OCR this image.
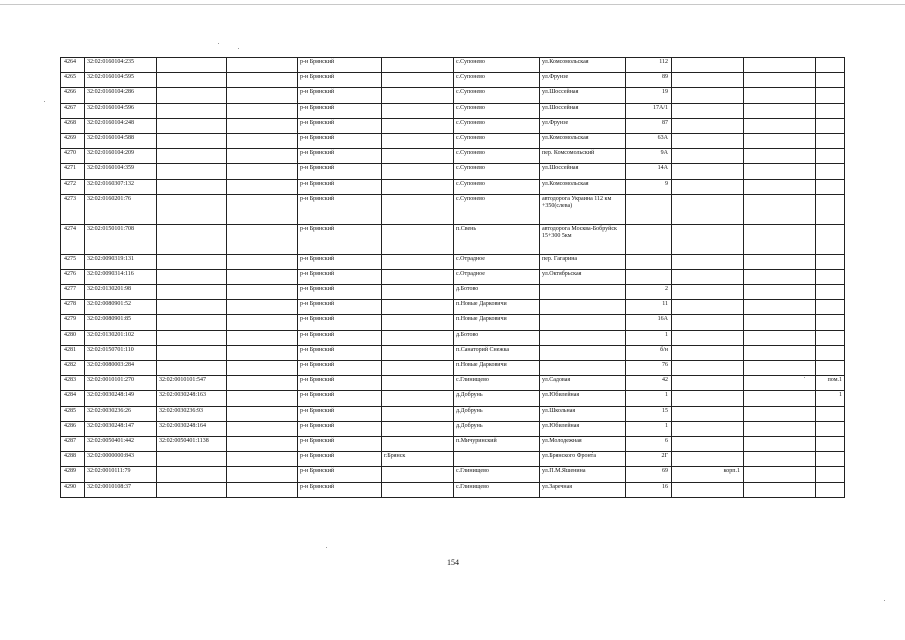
4264	32:02:0160104:235			р-н Брянский		с.Супонево	ул.Комсомольская	112			
4265	32:02:0160104:595			р-н Брянский		с.Супонево	ул.Фрунзе	89			
4266	32:02:0160104:286			р-н Брянский		с.Супонево	ул.Шоссейная	19			
4267	32:02:0160104:596			р-н Брянский		с.Супонево	ул.Шоссейная	17А/1			
4268	32:02:0160104:248			р-н Брянский		с.Супонево	ул.Фрунзе	87			
4269	32:02:0160104:588			р-н Брянский		с.Супонево	ул.Комсомольская	63А			
4270	32:02:0160104:209			р-н Брянский		с.Супонево	пер. Комсомольский	9А			
4271	32:02:0160104:359			р-н Брянский		с.Супонево	ул.Шоссейная	14А			
4272	32:02:0160307:132			р-н Брянский		с.Супонево	ул.Комсомольская	9			
4273	32:02:0160201:76			р-н Брянский		с.Супонево	автодорога Украина 112 км +350(слева)				
4274	32:02:0150101:708			р-н Брянский		п.Свень	автодорога Москва-Бобруйск 15+300 5км				
4275	32:02:0090319:131			р-н Брянский		с.Отрадное	пер. Гагарина				
4276	32:02:0090314:116			р-н Брянский		с.Отрадное	ул.Октябрьская				
4277	32:02:0130201:98			р-н Брянский		д.Ботово		2			
4278	32:02:0080901:52			р-н Брянский		п.Новые Дарковичи		11			
4279	32:02:0080901:85			р-н Брянский		п.Новые Дарковичи		16А			
4280	32:02:0130201:102			р-н Брянский		д.Ботово		1			
4281	32:02:0150701:110			р-н Брянский		п.Санаторий Снежка		б/н			
4282	32:02:0080003:284			р-н Брянский		п.Новые Дарковичи		76			
4283	32:02:0010101:270	32:02:0010101:547		р-н Брянский		с.Глинищево	ул.Садовая	42			пом.1
4284	32:02:0030248:149	32:02:0030248:163		р-н Брянский		д.Добрунь	ул.Юбилейная	1			1
4285	32:02:0030236:26	32:02:0030236:93		р-н Брянский		д.Добрунь	ул.Школьная	15			
4286	32:02:0030248:147	32:02:0030248:164		р-н Брянский		д.Добрунь	ул.Юбилейная	1			
4287	32:02:0050401:442	32:02:0050401:1138		р-н Брянский		п.Мичуринский	ул.Молодежная	6			
4288	32:02:0000000:843			р-н Брянский	г.Брянск		ул.Брянского Фронта	2Г			
4289	32:02:0010111:79			р-н Брянский		с.Глинищево	ул.П.М.Яшенина	69	корп.1		
4290	32:02:0010108:37			р-н Брянский		с.Глинищево	ул.Заречная	16			
154
